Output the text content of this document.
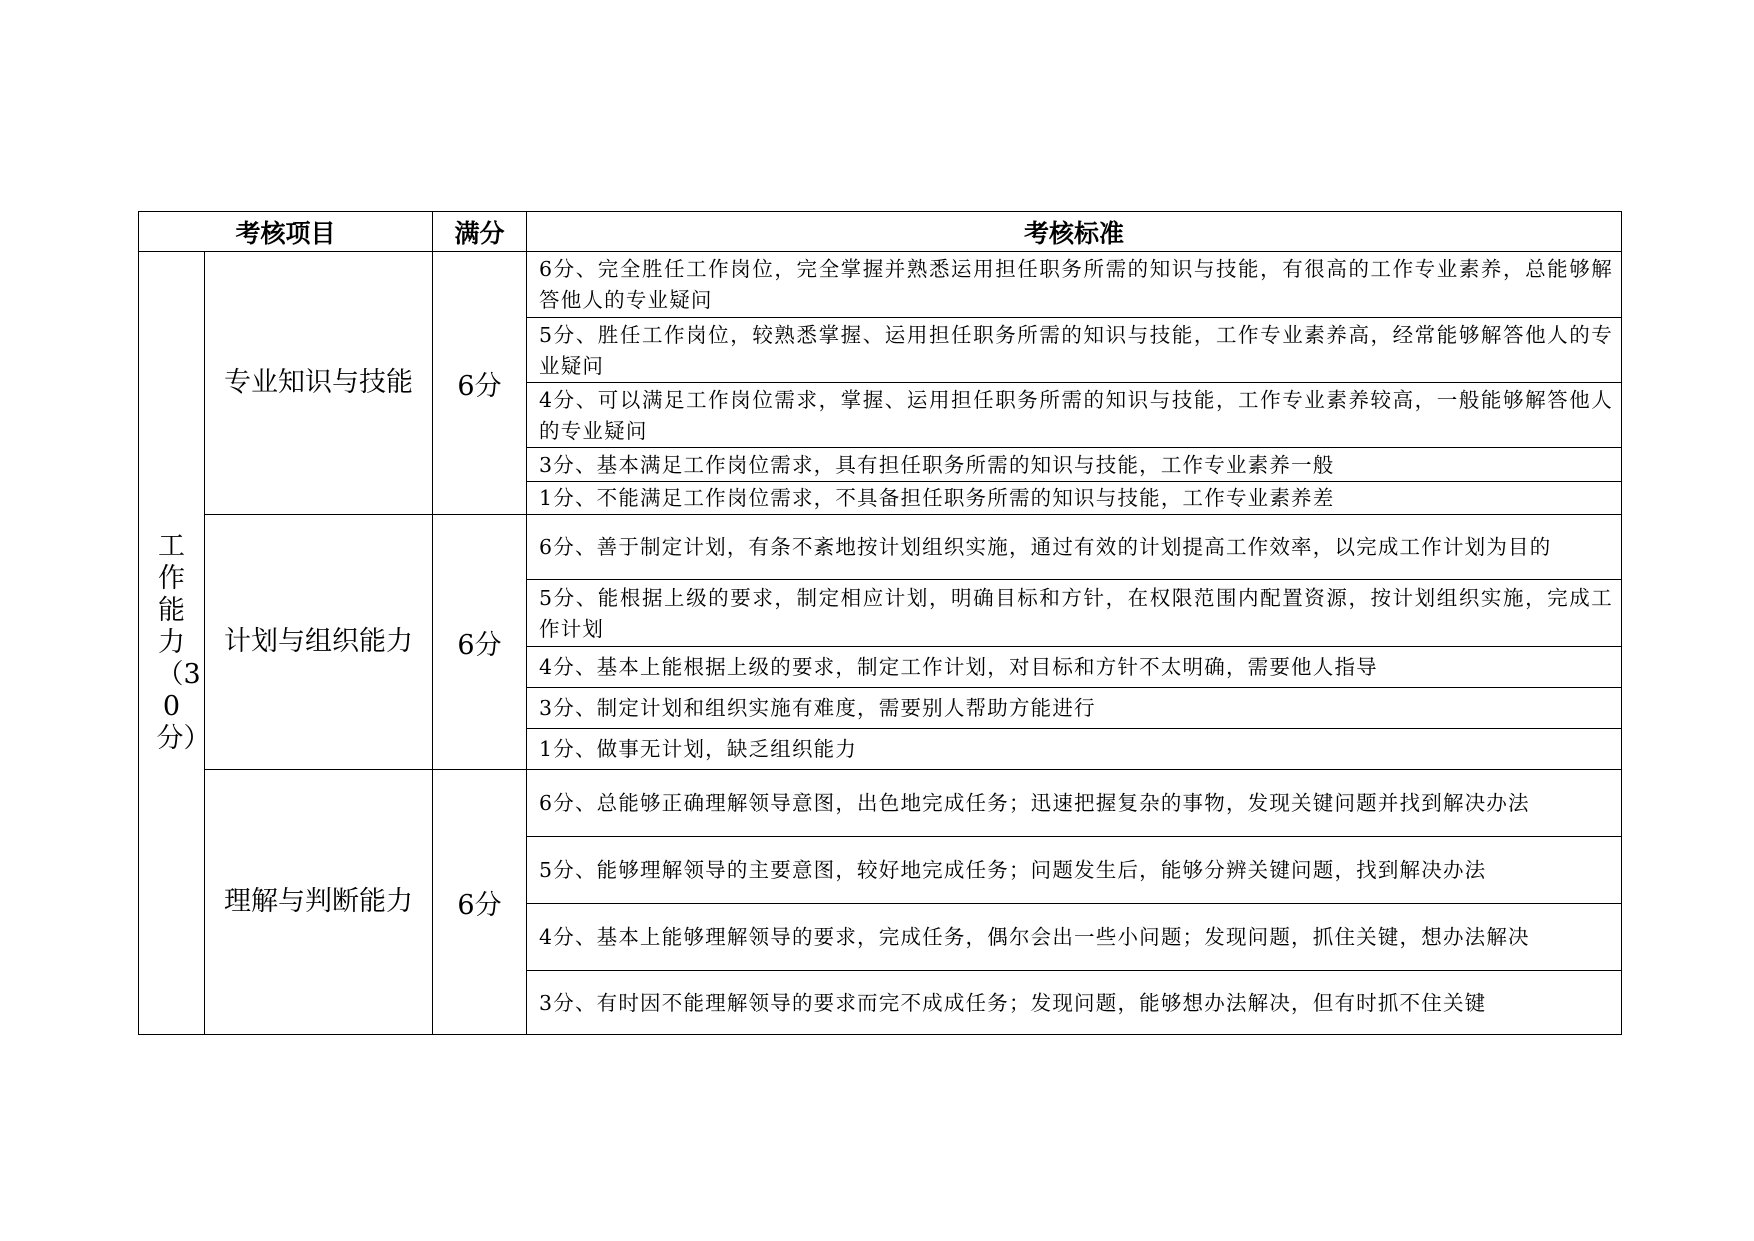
考核项目		满分	考核标准
工作能力（30分）	专业知识与技能	6分	6分、完全胜任工作岗位，完全掌握并熟悉运用担任职务所需的知识与技能，有很高的工作专业素养，总能够解答他人的专业疑问
			5分、胜任工作岗位，较熟悉掌握、运用担任职务所需的知识与技能，工作专业素养高，经常能够解答他人的专业疑问
			4分、可以满足工作岗位需求，掌握、运用担任职务所需的知识与技能，工作专业素养较高，一般能够解答他人的专业疑问
			3分、基本满足工作岗位需求，具有担任职务所需的知识与技能，工作专业素养一般
			1分、不能满足工作岗位需求，不具备担任职务所需的知识与技能，工作专业素养差
	计划与组织能力	6分	6分、善于制定计划，有条不紊地按计划组织实施，通过有效的计划提高工作效率，以完成工作计划为目的
			5分、能根据上级的要求，制定相应计划，明确目标和方针，在权限范围内配置资源，按计划组织实施，完成工作计划
			4分、基本上能根据上级的要求，制定工作计划，对目标和方针不太明确，需要他人指导
			3分、制定计划和组织实施有难度，需要别人帮助方能进行
			1分、做事无计划，缺乏组织能力
	理解与判断能力	6分	6分、总能够正确理解领导意图，出色地完成任务；迅速把握复杂的事物，发现关键问题并找到解决办法
			5分、能够理解领导的主要意图，较好地完成任务；问题发生后，能够分辨关键问题，找到解决办法
			4分、基本上能够理解领导的要求，完成任务，偶尔会出一些小问题；发现问题，抓住关键，想办法解决
			3分、有时因不能理解领导的要求而完不成成任务；发现问题，能够想办法解决，但有时抓不住关键
